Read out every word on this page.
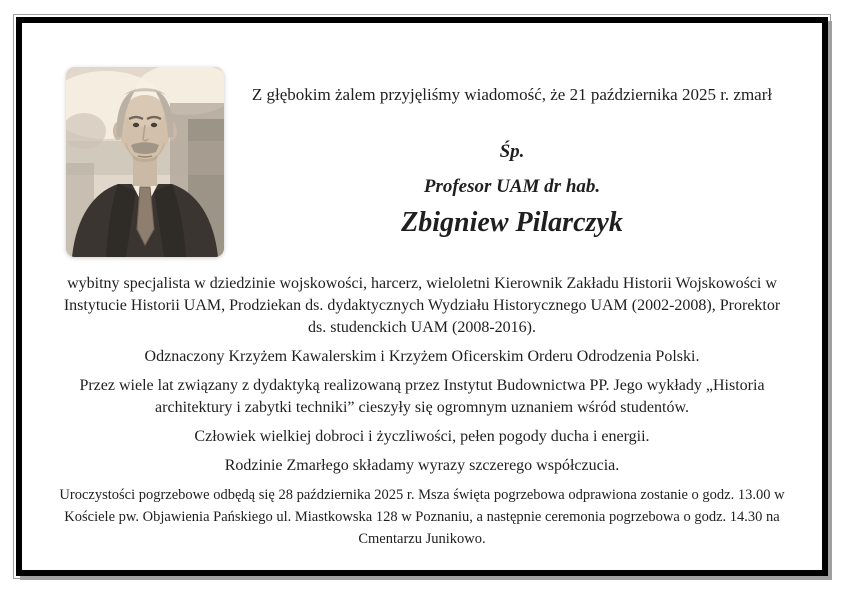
Z głębokim żalem przyjęliśmy wiadomość, że 21 października 2025 r. zmarł

Śp.

Profesor UAM dr hab.

Zbigniew Pilarczyk

wybitny specjalista w dziedzinie wojskowości, harcerz, wieloletni Kierownik Zakładu Historii Wojskowości w Instytucie Historii UAM, Prodziekan ds. dydaktycznych Wydziału Historycznego UAM (2002-2008), Prorektor ds. studenckich UAM (2008-2016).

Odznaczony Krzyżem Kawalerskim i Krzyżem Oficerskim Orderu Odrodzenia Polski.

Przez wiele lat związany z dydaktyką realizowaną przez Instytut Budownictwa PP. Jego wykłady „Historia architektury i zabytki techniki” cieszyły się ogromnym uznaniem wśród studentów.

Człowiek wielkiej dobroci i życzliwości, pełen pogody ducha i energii.

Rodzinie Zmarłego składamy wyrazy szczerego współczucia.

Uroczystości pogrzebowe odbędą się 28 października 2025 r. Msza święta pogrzebowa odprawiona zostanie o godz. 13.00 w Kościele pw. Objawienia Pańskiego ul. Miastkowska 128 w Poznaniu, a następnie ceremonia pogrzebowa o godz. 14.30 na Cmentarzu Junikowo.
